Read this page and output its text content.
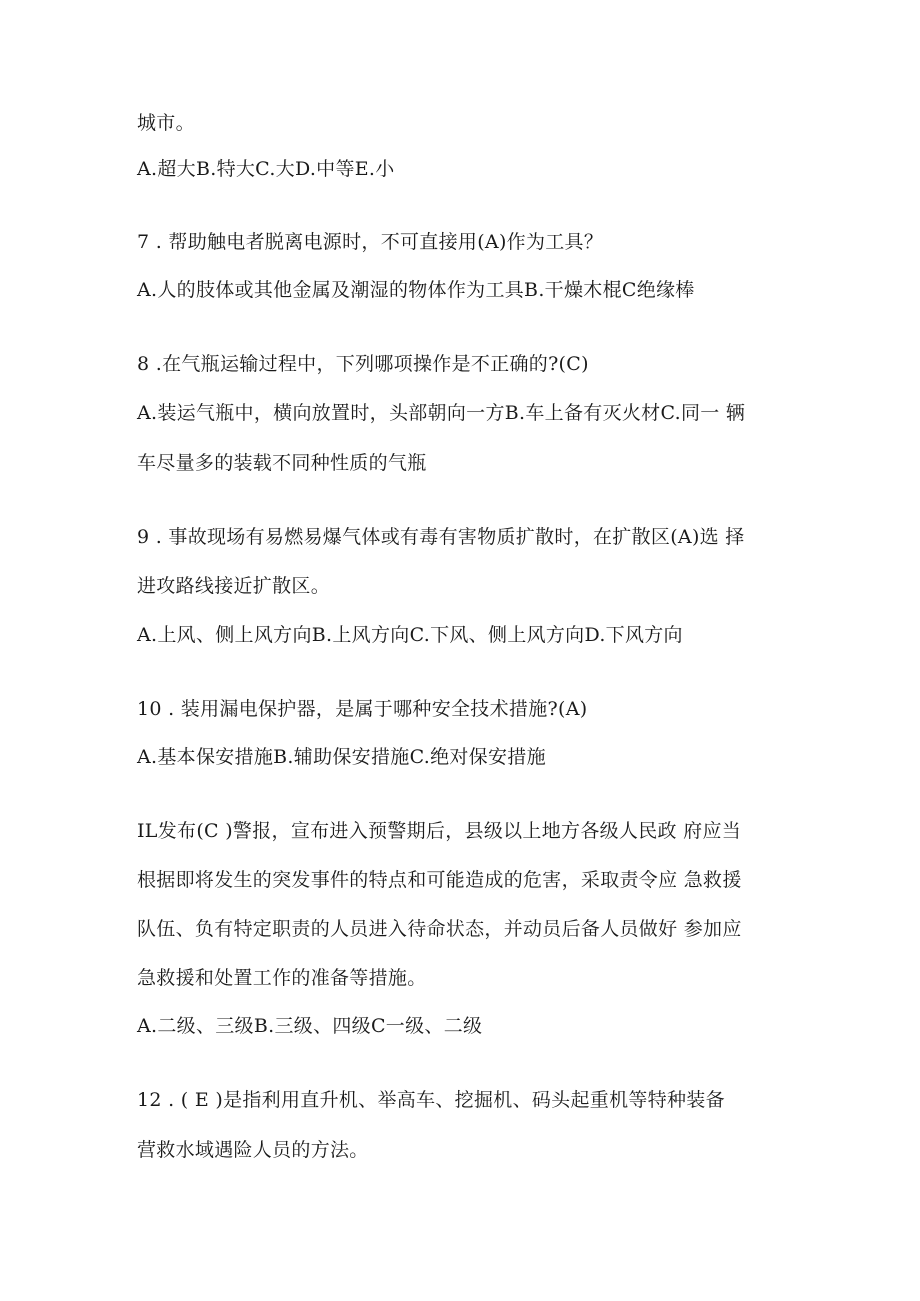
城市。
A.超大B.特大C.大D.中等E.小
7 . 帮助触电者脱离电源时，不可直接用(A)作为工具？
A.人的肢体或其他金属及潮湿的物体作为工具B.干燥木棍C绝缘棒
8 .在气瓶运输过程中，下列哪项操作是不正确的?(C)
A.装运气瓶中，横向放置时，头部朝向一方B.车上备有灭火材C.同一 辆
车尽量多的装载不同种性质的气瓶
9 . 事故现场有易燃易爆气体或有毒有害物质扩散时，在扩散区(A)选 择
进攻路线接近扩散区。
A.上风、侧上风方向B.上风方向C.下风、侧上风方向D.下风方向
10 . 装用漏电保护器，是属于哪种安全技术措施?(A)
A.基本保安措施B.辅助保安措施C.绝对保安措施
IL发布(C )警报，宣布进入预警期后，县级以上地方各级人民政 府应当
根据即将发生的突发事件的特点和可能造成的危害，采取责令应 急救援
队伍、负有特定职责的人员进入待命状态，并动员后备人员做好 参加应
急救援和处置工作的准备等措施。
A.二级、三级B.三级、四级C一级、二级
12 . ( E )是指利用直升机、举高车、挖掘机、码头起重机等特种装备
营救水域遇险人员的方法。
